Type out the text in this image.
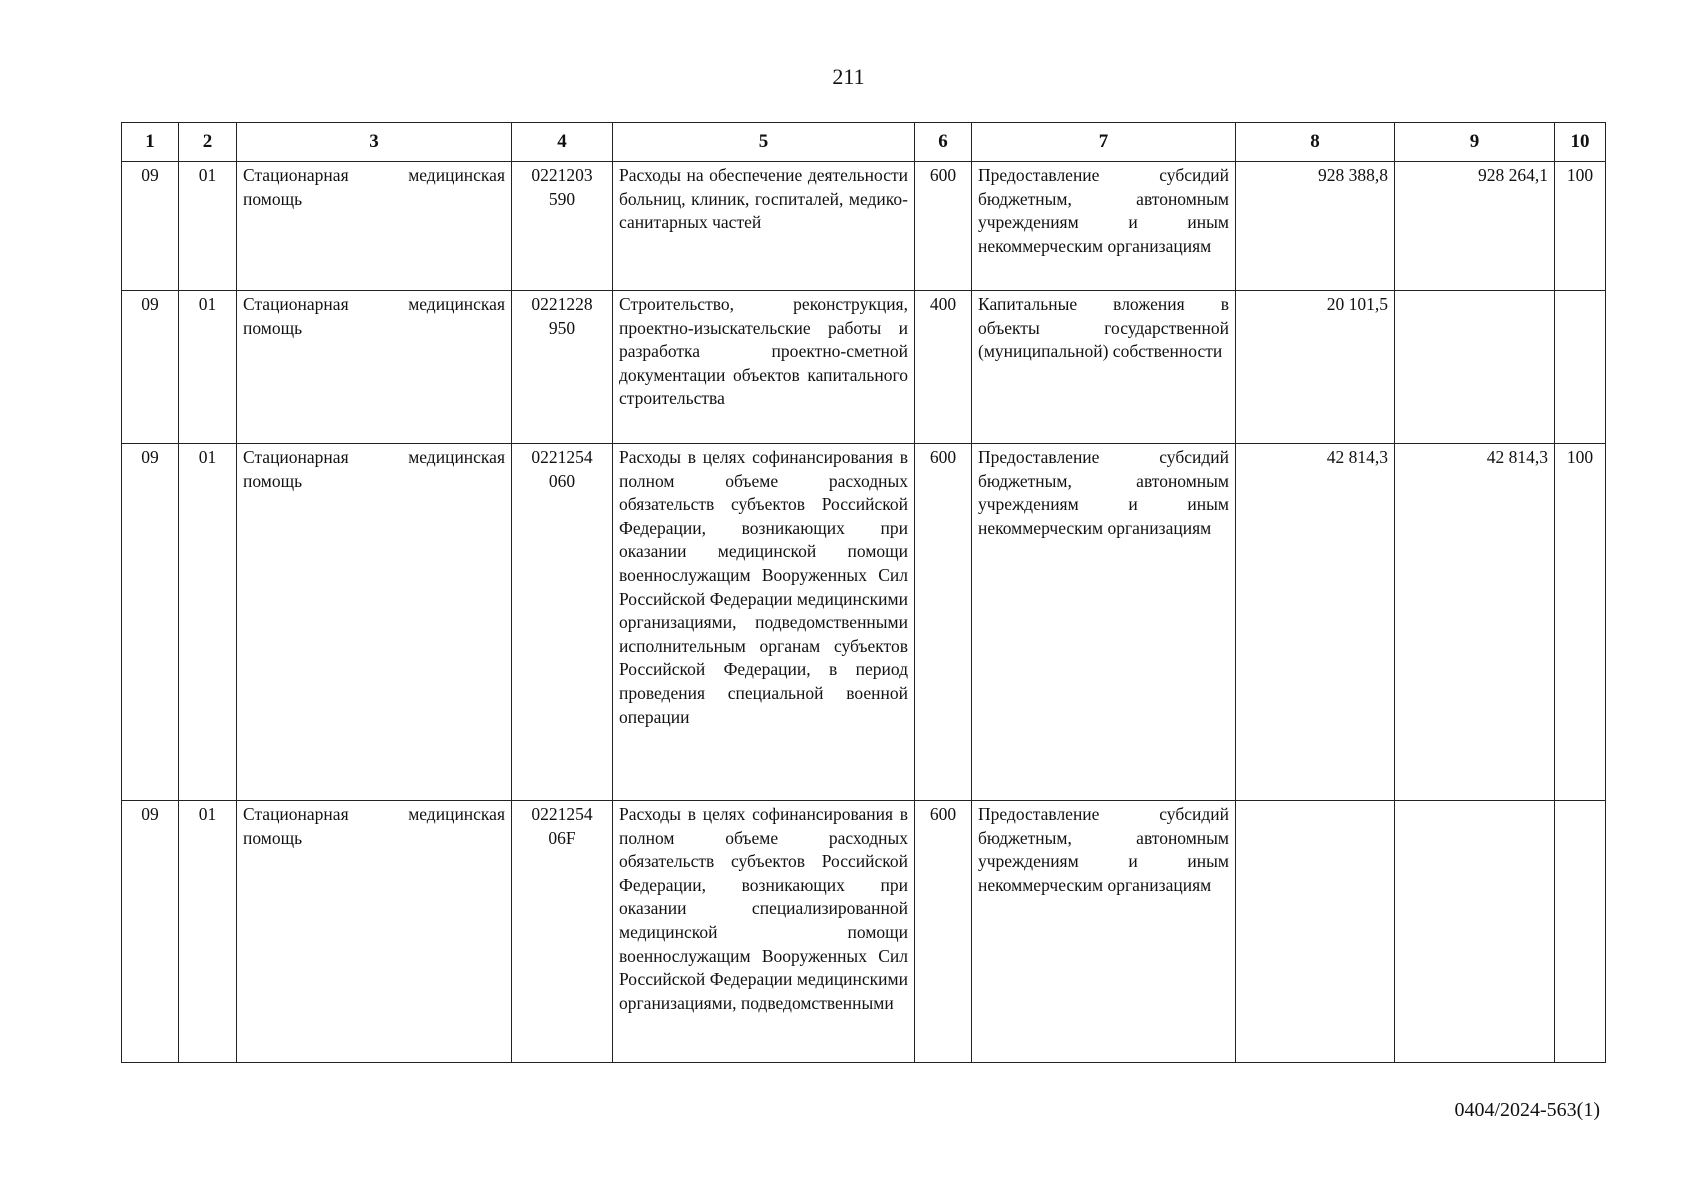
211
1	2	3	4	5	6	7	8	9	10
09	01	Стационарная медицинская помощь	0221203 590	Расходы на обеспечение деятельности больниц, клиник, госпиталей, медико-санитарных частей	600	Предоставление субсидий бюджетным, автономным учреждениям и иным некоммерческим организациям	928 388,8	928 264,1	100
09	01	Стационарная медицинская помощь	0221228 950	Строительство, реконструкция, проектно-изыскательские работы и разработка проектно-сметной документации объектов капитального строительства	400	Капитальные вложения в объекты государственной (муниципальной) собственности	20 101,5		
09	01	Стационарная медицинская помощь	0221254 060	Расходы в целях софинансирования в полном объеме расходных обязательств субъектов Российской Федерации, возникающих при оказании медицинской помощи военнослужащим Вооруженных Сил Российской Федерации медицинскими организациями, подведомственными исполнительным органам субъектов Российской Федерации, в период проведения специальной военной операции	600	Предоставление субсидий бюджетным, автономным учреждениям и иным некоммерческим организациям	42 814,3	42 814,3	100
09	01	Стационарная медицинская помощь	0221254 06F	Расходы в целях софинансирования в полном объеме расходных обязательств субъектов Российской Федерации, возникающих при оказании специализированной медицинской помощи военнослужащим Вооруженных Сил Российской Федерации медицинскими организациями, подведомственными	600	Предоставление субсидий бюджетным, автономным учреждениям и иным некоммерческим организациям			
0404/2024-563(1)
